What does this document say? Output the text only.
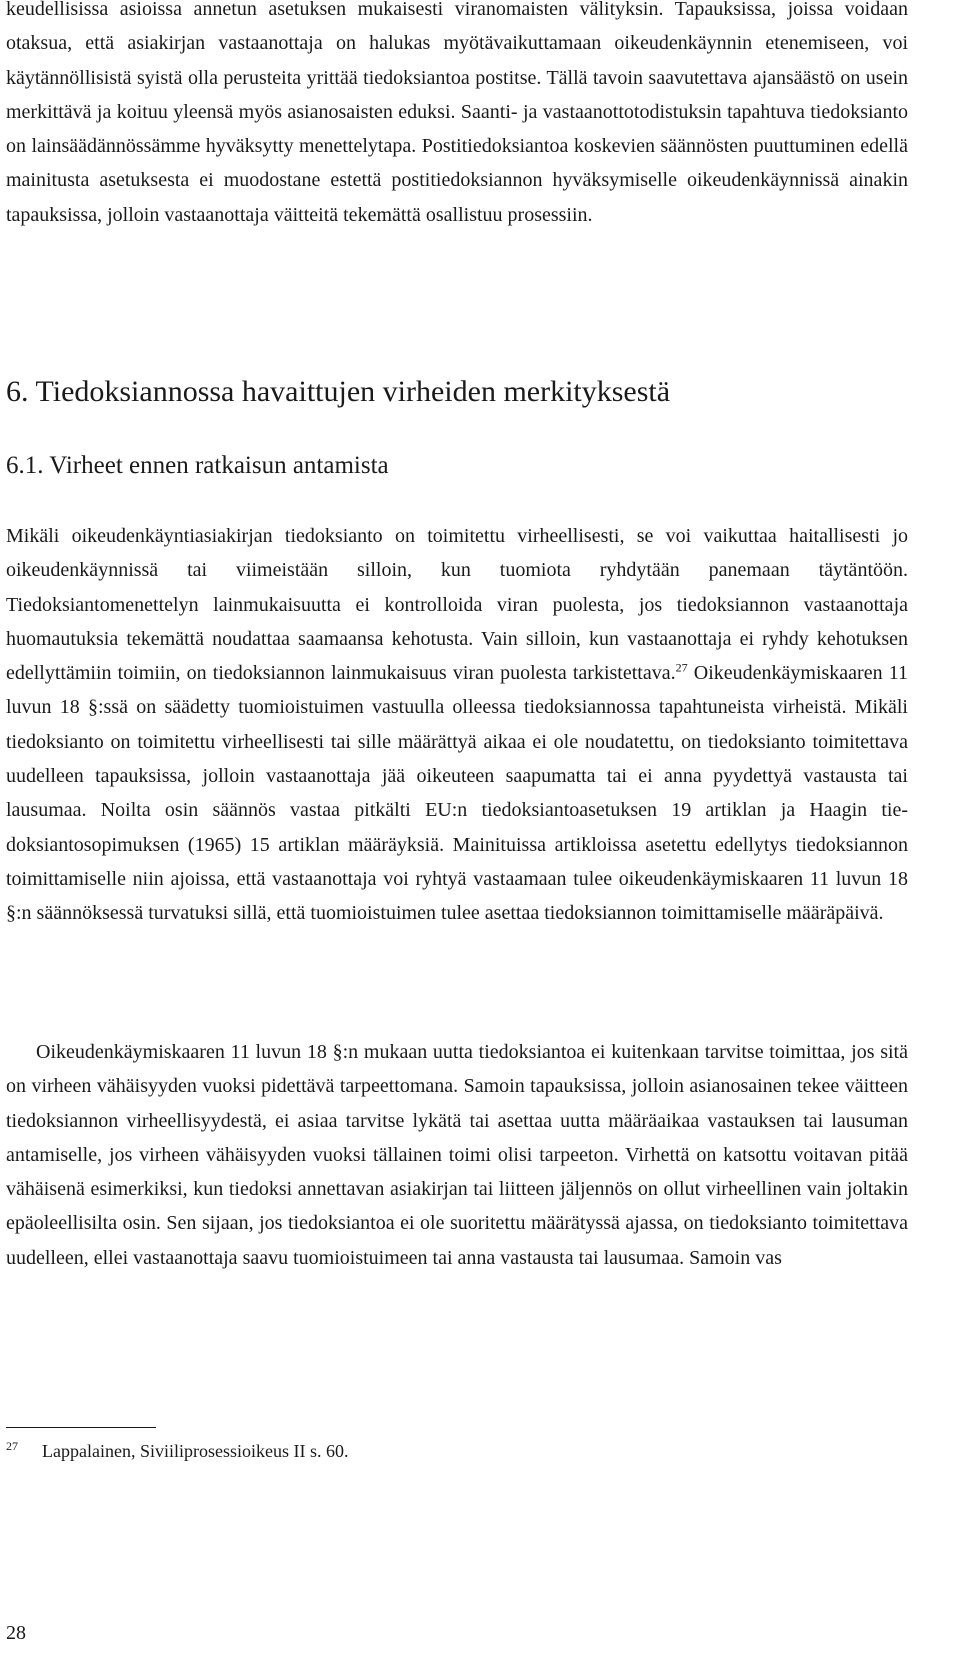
keudellisissa asioissa annetun asetuksen mukaisesti viranomaisten välityksin. Tapauksissa, joissa voidaan otaksua, että asiakirjan vastaanottaja on halukas myötävaikuttamaan oikeudenkäynnin etenemiseen, voi käytännöllisistä syistä olla perusteita yrittää tiedoksiantoa postitse. Tällä tavoin saavutettava ajansäästö on usein merkittävä ja koituu yleensä myös asianosaisten eduksi. Saanti- ja vastaanottotodistuksin tapahtuva tiedoksianto on lainsäädännössämme hyväksytty menettelytapa. Postitiedoksiantoa koskevien säännösten puuttuminen edellä mainitusta asetuksesta ei muodostane estettä postitiedoksiannon hyväksymiselle oikeudenkäynnissä ainakin tapauksissa, jolloin vastaanottaja väitteitä tekemättä osallistuu prosessiin.

6. Tiedoksiannossa havaittujen virheiden merkityksestä
6.1. Virheet ennen ratkaisun antamista

Mikäli oikeudenkäyntiasiakirjan tiedoksianto on toimitettu virheellisesti, se voi vaikuttaa haitallisesti jo oikeudenkäynnissä tai viimeistään silloin, kun tuomiota ryhdytään panemaan täytäntöön. Tiedoksiantomenettelyn lainmukaisuutta ei kontrolloida viran puolesta, jos tiedoksiannon vastaanottaja huomautuksia tekemättä noudattaa saamaansa kehotusta. Vain silloin, kun vastaanottaja ei ryhdy kehotuksen edellyttämiin toimiin, on tiedoksiannon lainmukaisuus viran puolesta tarkistettava.$^{27}$ Oikeudenkäymiskaaren 11 luvun 18 §:ssä on säädetty tuomioistuimen vastuulla olleessa tiedoksiannossa tapahtuneista virheistä. Mikäli tiedoksianto on toimitettu virheellisesti tai sille määrättyä aikaa ei ole noudatettu, on tiedoksianto toimitettava uudelleen tapauksissa, jolloin vastaanottaja jää oikeuteen saapumatta tai ei anna pyydettyä vastausta tai lausumaa. Noilta osin säännös vastaa pitkälti EU:n tiedoksiantoasetuksen 19 artiklan ja Haagin tiedoksiantosopimuksen (1965) 15 artiklan määräyksiä. Mainituissa artikloissa asetettu edellytys tiedoksiannon toimittamiselle niin ajoissa, että vastaanottaja voi ryhtyä vastaamaan tulee oikeudenkäymiskaaren 11 luvun 18 §:n säännöksessä turvatuksi sillä, että tuomioistuimen tulee asettaa tiedoksiannon toimittamiselle määräpäivä.

Oikeudenkäymiskaaren 11 luvun 18 §:n mukaan uutta tiedoksiantoa ei kuitenkaan tarvitse toimittaa, jos sitä on virheen vähäisyyden vuoksi pidettävä tarpeettomana. Samoin tapauksissa, jolloin asianosainen tekee väitteen tiedoksiannon virheellisyydestä, ei asiaa tarvitse lykätä tai asettaa uutta määräaikaa vastauksen tai lausuman antamiselle, jos virheen vähäisyyden vuoksi tällainen toimi olisi tarpeeton. Virhettä on katsottu voitavan pitää vähäisenä esimerkiksi, kun tiedoksi annettavan asiakirjan tai liitteen jäljennös on ollut virheellinen vain joltakin epäoleellisilta osin. Sen sijaan, jos tiedoksiantoa ei ole suoritettu määrätyssä ajassa, on tiedoksianto toimitettava uudelleen, ellei vastaanottaja saavu tuomioistuimeen tai anna vastausta tai lausumaa. Samoin vas

27 Lappalainen, Siviiliprosessioikeus II s. 60.
28
